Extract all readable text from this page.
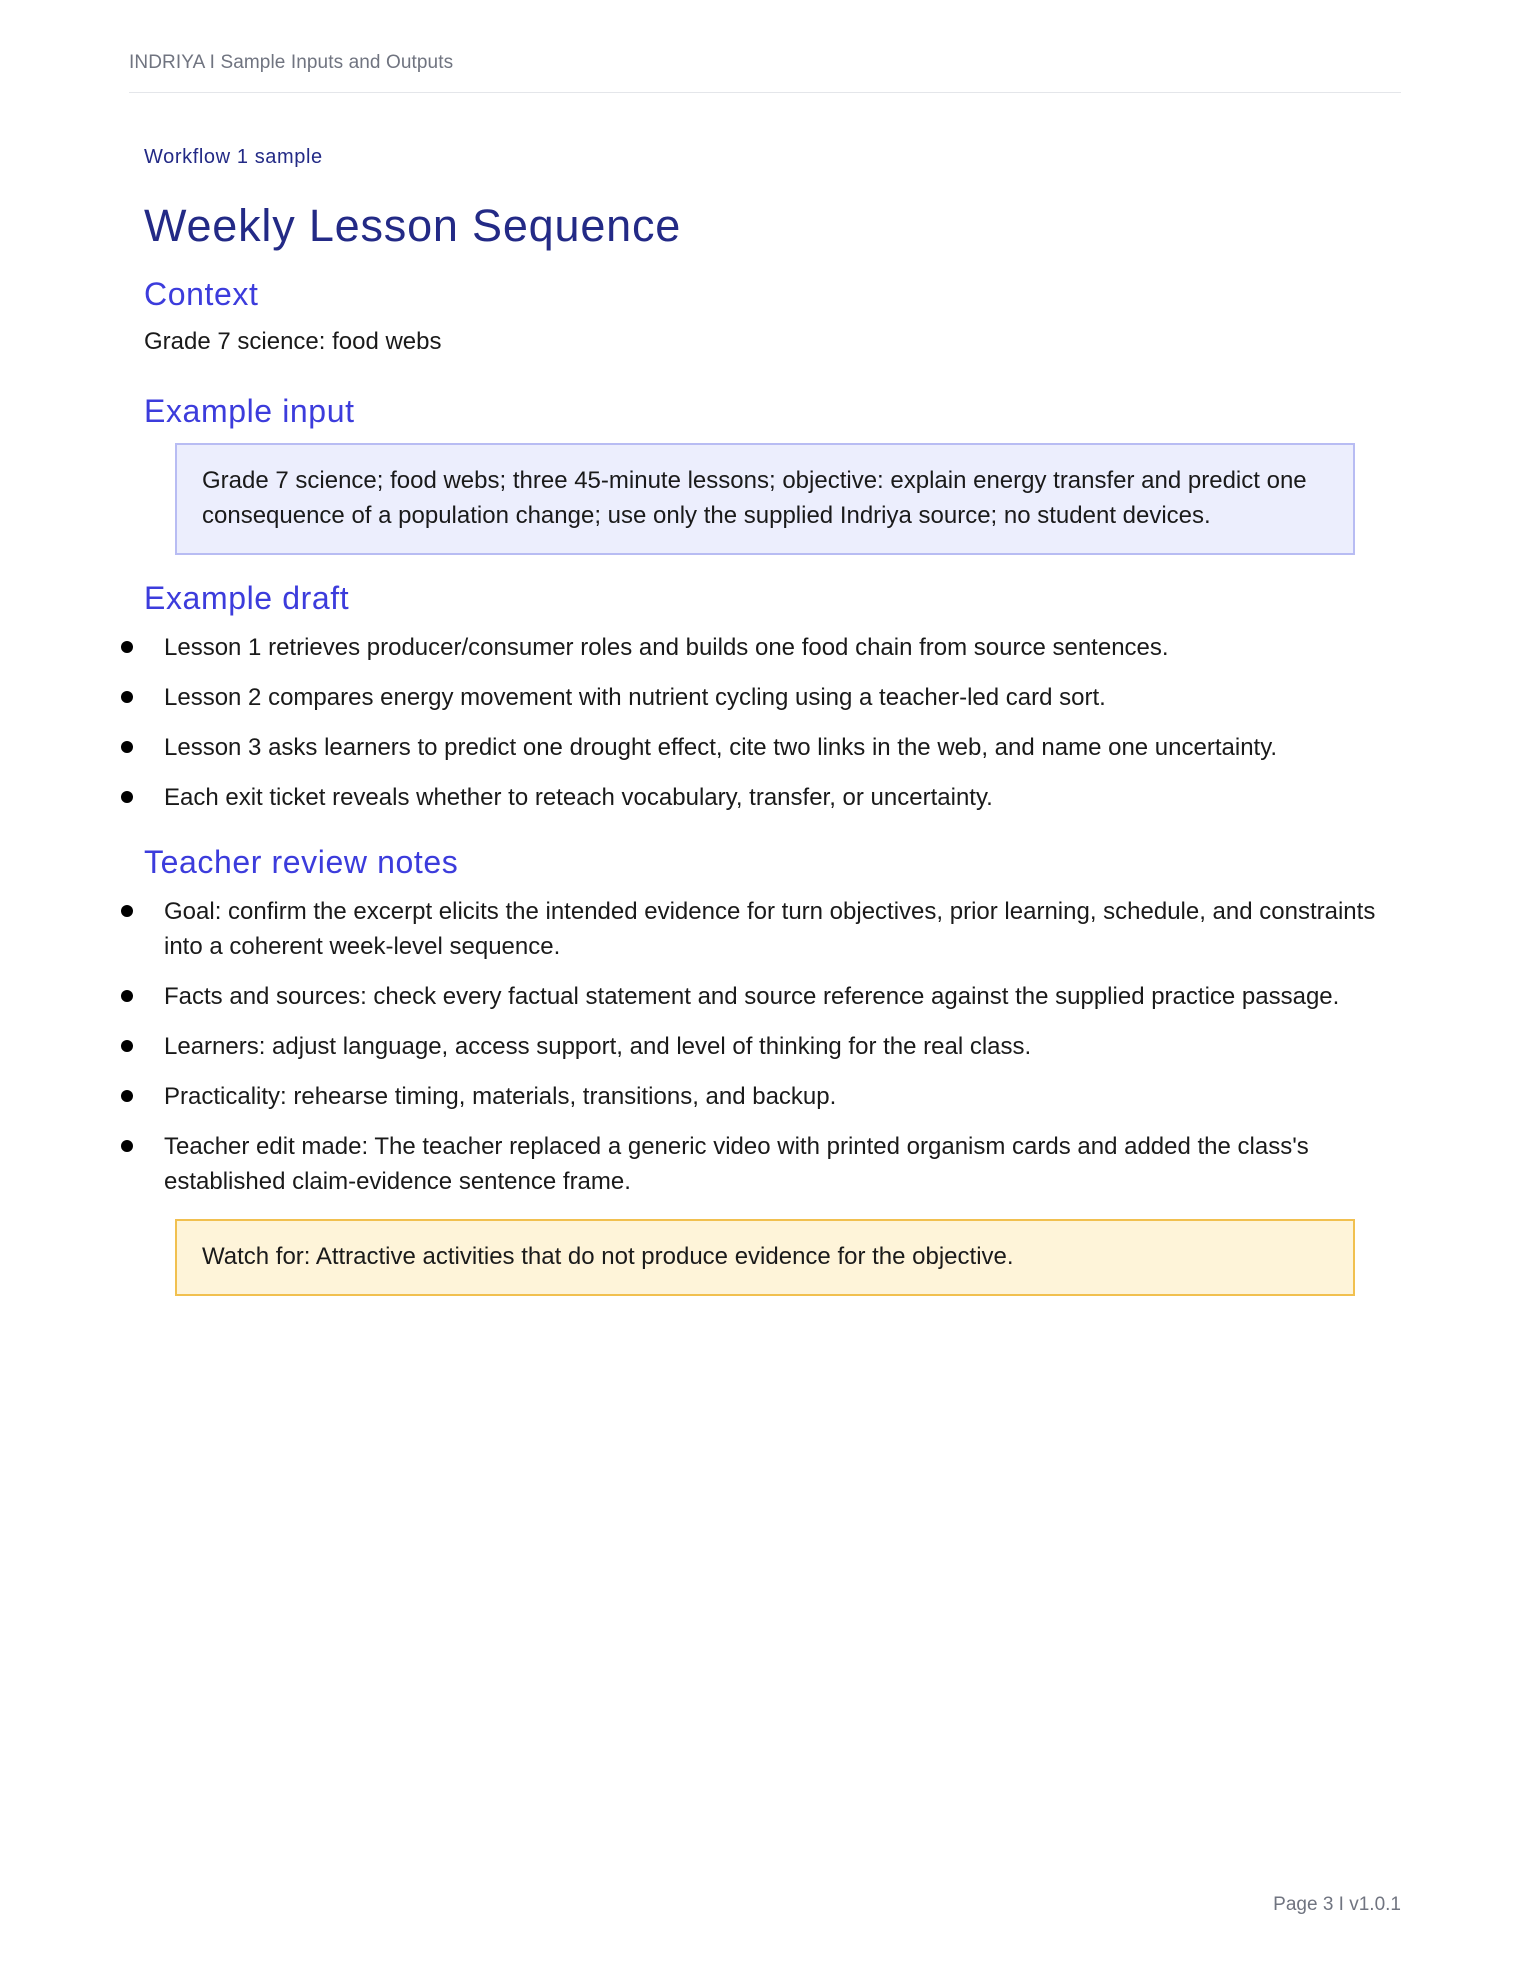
INDRIYA I Sample Inputs and Outputs

Workflow 1 sample

Weekly Lesson Sequence
Context

Grade 7 science: food webs

Example input
Grade 7 science; food webs; three 45-minute lessons; objective: explain energy transfer and predict one consequence of a population change; use only the supplied Indriya source; no student devices.
Example draft
Lesson 1 retrieves producer/consumer roles and builds one food chain from source sentences.
Lesson 2 compares energy movement with nutrient cycling using a teacher-led card sort.
Lesson 3 asks learners to predict one drought effect, cite two links in the web, and name one uncertainty.
Each exit ticket reveals whether to reteach vocabulary, transfer, or uncertainty.
Teacher review notes
Goal: confirm the excerpt elicits the intended evidence for turn objectives, prior learning, schedule, and constraints into a coherent week-level sequence.
Facts and sources: check every factual statement and source reference against the supplied practice passage.
Learners: adjust language, access support, and level of thinking for the real class.
Practicality: rehearse timing, materials, transitions, and backup.
Teacher edit made: The teacher replaced a generic video with printed organism cards and added the class's established claim-evidence sentence frame.
Watch for: Attractive activities that do not produce evidence for the objective.
Page 3 I v1.0.1
